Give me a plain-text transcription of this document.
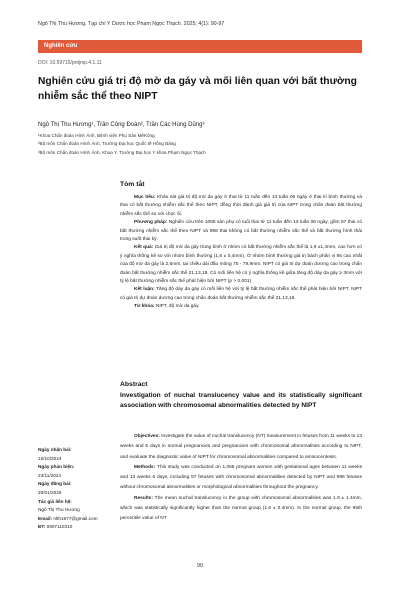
Ngô Thị Thu Hương. Tạp chí Y Dược học Phạm Ngọc Thạch. 2025; 4(1): 90-97
Nghiên cứu
DOI: 10.59715/pntjmp.4.1.11
Nghiên cứu giá trị độ mờ da gáy và mối liên quan với bất thường nhiễm sắc thể theo NIPT
Ngô Thị Thu Hương¹, Trần Công Đoàn², Trần Các Hùng Dũng³
¹Khoa Chẩn đoán Hình Ảnh, Bệnh viện Phụ Sản MêKông
²Bộ môn Chẩn đoán Hình Ảnh, Trường Đại học Quốc tế Hồng Bàng
³Bộ môn Chẩn đoán Hình Ảnh, Khoa Y, Trường Đại học Y khoa Phạm Ngọc Thạch
Tóm tắt

Mục tiêu: Khảo sát giá trị độ mờ da gáy ở thai từ 11 tuần đến 13 tuần 06 ngày ở thai kì bình thường và thai có bất thường nhiễm sắc thể theo NIPT, đồng thời đánh giá giá trị của NIPT trong chẩn đoán bất thường nhiễm sắc thể so với chọc ối.

Phương pháp: Nghiên cứu trên 1055 sản phụ có tuổi thai từ 11 tuần đến 13 tuần 06 ngày, gồm 57 thai có bất thường nhiễm sắc thể theo NIPT và 998 thai không có bất thường nhiễm sắc thể và bất thường hình thái trong suốt thai kỳ.

Kết quả: Giá trị độ mờ da gáy trung bình ở nhóm có bất thường nhiễm sắc thể là 1,9 ±1,4mm, cao hơn có ý nghĩa thống kê so với nhóm bình thường (1,6 ± 0,4mm). Ở nhóm bình thường giá trị bách phân vị 95 cao nhất của độ mờ da gáy là 2,6mm, tại chiều dài đầu mông 75 - 79,9mm. NIPT có giá trị dự đoán dương cao trong chẩn đoán bất thường nhiễm sắc thể 21,13,18. Có mối liên hệ có ý nghĩa thống kê giữa tăng độ dày da gáy ≥ 3mm với tỷ lệ bất thường nhiễm sắc thể phát hiện bởi NIPT (p > 0,001)

Kết luận: Tăng độ dày da gáy có mối liên hệ với tỷ lệ bất thường nhiễm sắc thể phát hiện bởi NIPT. NIPT có giá trị dự đoán dương cao trong chẩn đoán bất thường nhiễm sắc thể 21,13,18.

Từ khóa: NIPT, độ mờ da gáy.

Abstract
Investigation of nuchal translucency value and its statistically significant association with chromosomal abnormalities detected by NIPT

Objectives: Investigate the value of nuchal translucency (NT) measurement in fetuses from 11 weeks to 13 weeks and 6 days in normal pregnancies and pregnancies with chromosomal abnormalities according to NIPT, and evaluate the diagnostic value of NIPT for chromosomal abnormalities compared to amniocentesis.

Methods: This study was conducted on 1,055 pregnant women with gestational ages between 11 weeks and 13 weeks 6 days, including 57 fetuses with chromosomal abnormalities detected by NIPT and 998 fetuses without chromosomal abnormalities or morphological abnormalities throughout the pregnancy.

Results: The mean nuchal translucency in the group with chromosomal abnormalities was 1.9 ± 1.4mm, which was statistically significantly higher than the normal group (1.6 ± 0.4mm). In the normal group, the 95th percentile value of NT

Ngày nhận bài:
16/10/2024
Ngày phản biện:
23/11/2024
Ngày đăng bài:
20/01/2025
Tác giả liên hệ:
Ngô Thị Thu Hương
Email: nlth1977@gmail.com
ĐT: 0907110310
90
